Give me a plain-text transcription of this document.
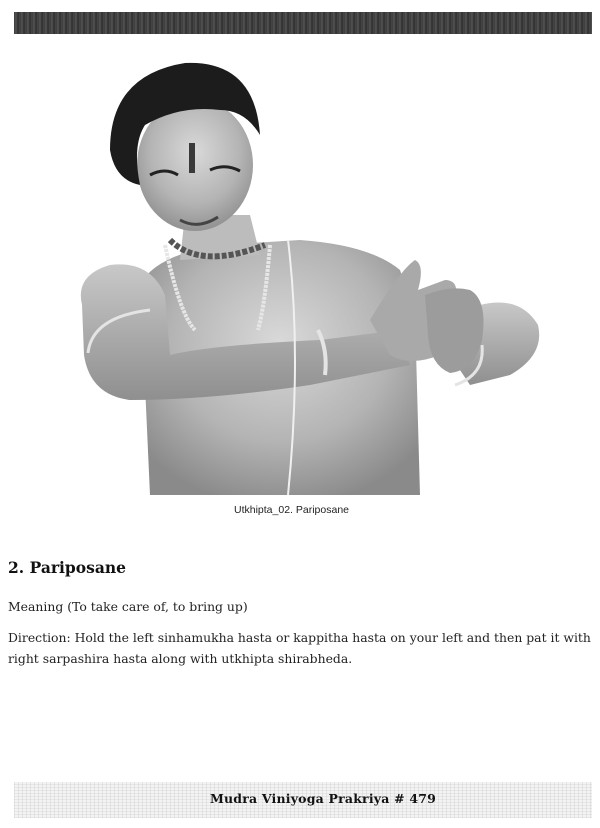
Utkhipta_02. Pariposane
2. Pariposane
Meaning (To take care of, to bring up)
Direction: Hold the left sinhamukha hasta or kappitha hasta on your left and then pat it with right sarpashira hasta along with utkhipta shirabheda.
Mudra Viniyoga Prakriya # 479
